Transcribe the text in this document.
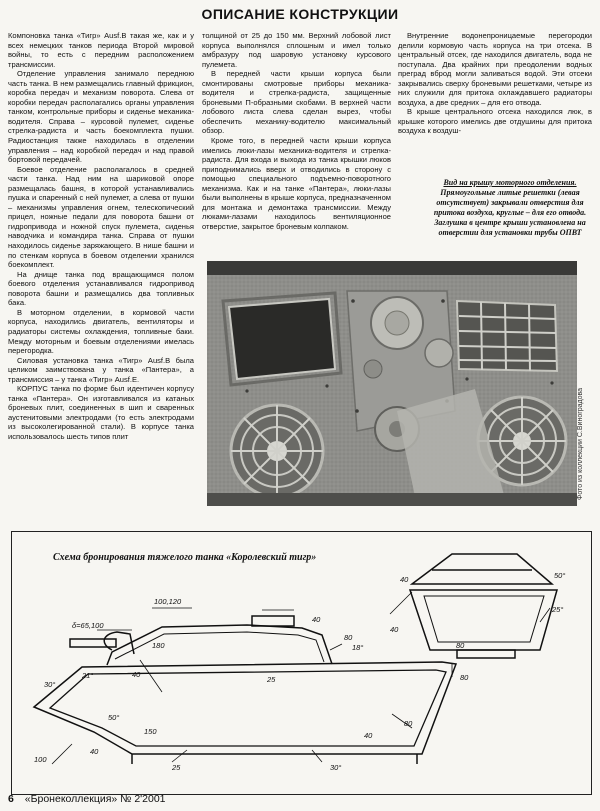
ОПИСАНИЕ КОНСТРУКЦИИ

Компоновка танка «Тигр» Ausf.B такая же, как и у всех немецких танков периода Второй мировой войны, то есть с передним расположением трансмиссии.

Отделение управления занимало переднюю часть танка. В нем размещались главный фрикцион, коробка передач и механизм поворота. Слева от коробки передач располагались органы управления танком, контрольные приборы и сиденье механика-водителя. Справа – курсовой пулемет, сиденье стрелка-радиста и часть боекомплекта пушки. Радиостанция также находилась в отделении управления – над коробкой передач и над правой бортовой передачей.

Боевое отделение располагалось в средней части танка. Над ним на шариковой опоре размещалась башня, в которой устанавливались пушка и спаренный с ней пулемет, а слева от пушки – механизмы управления огнем, телескопический прицел, ножные педали для поворота башни от гидропривода и ножной спуск пулемета, сиденья наводчика и командира танка. Справа от пушки находилось сиденье заряжающего. В нише башни и по стенкам корпуса в боевом отделении хранился боекомплект.

На днище танка под вращающимся полом боевого отделения устанавливался гидропривод поворота башни и размещались два топливных бака.

В моторном отделении, в кормовой части корпуса, находились двигатель, вентиляторы и радиаторы системы охлаждения, топливные баки. Между моторным и боевым отделениями имелась перегородка.

Силовая установка танка «Тигр» Ausf.B была целиком заимствована у танка «Пантера», а трансмиссия – у танка «Тигр» Ausf.E.

КОРПУС танка по форме был идентичен корпусу танка «Пантера». Он изготавливался из катаных броневых плит, соединенных в шип и сваренных аустенитовыми электродами (то есть электродами из высоколегированной стали). В корпусе танка использовалось шесть типов плит

толщиной от 25 до 150 мм. Верхний лобовой лист корпуса выполнялся сплошным и имел только амбразуру под шаровую установку курсового пулемета.

В передней части крыши корпуса были смонтированы смотровые приборы механика-водителя и стрелка-радиста, защищенные броневыми П-образными скобами. В верхней части лобового листа слева сделан вырез, чтобы обеспечить механику-водителю максимальный обзор.

Кроме того, в передней части крыши корпуса имелись люки-лазы механика-водителя и стрелка-радиста. Для входа и выхода из танка крышки люков приподнимались вверх и отводились в сторону с помощью специального подъемно-поворотного механизма. Как и на танке «Пантера», люки-лазы были выполнены в крыше корпуса, предназначенном для монтажа и демонтажа трансмиссии. Между люками-лазами находилось вентиляционное отверстие, закрытое броневым колпаком.

Внутренние водонепроницаемые перегородки делили кормовую часть корпуса на три отсека. В центральный отсек, где находился двигатель, вода не поступала. Два крайних при преодолении водных преград вброд могли заливаться водой. Эти отсеки закрывались сверху броневыми решетками, четыре из них служили для притока охлаждавшего радиаторы воздуха, а две средних – для его отвода.

В крыше центрального отсека находился люк, в крышке которого имелись две отдушины для притока воздуха к воздуш-

Вид на крышу моторного отделения.

Прямоугольные литые решетки (левая отсутствует) закрывали отверстия для притока воздуха, круглые – для его отвода. Заглушка в центре крыши установлена на отверстии для установки трубы ОПВТ

Фото из коллекции С.Виноградова
Схема бронирования тяжелого танка «Королевский тигр»
δ=65,100
100,120
40
180
40
80
18°
30°
21°	80
40
50°
150
40
100
25
80
40
80
40	50°
25°
25	30°
6 «Бронеколлекция» № 2'2001
